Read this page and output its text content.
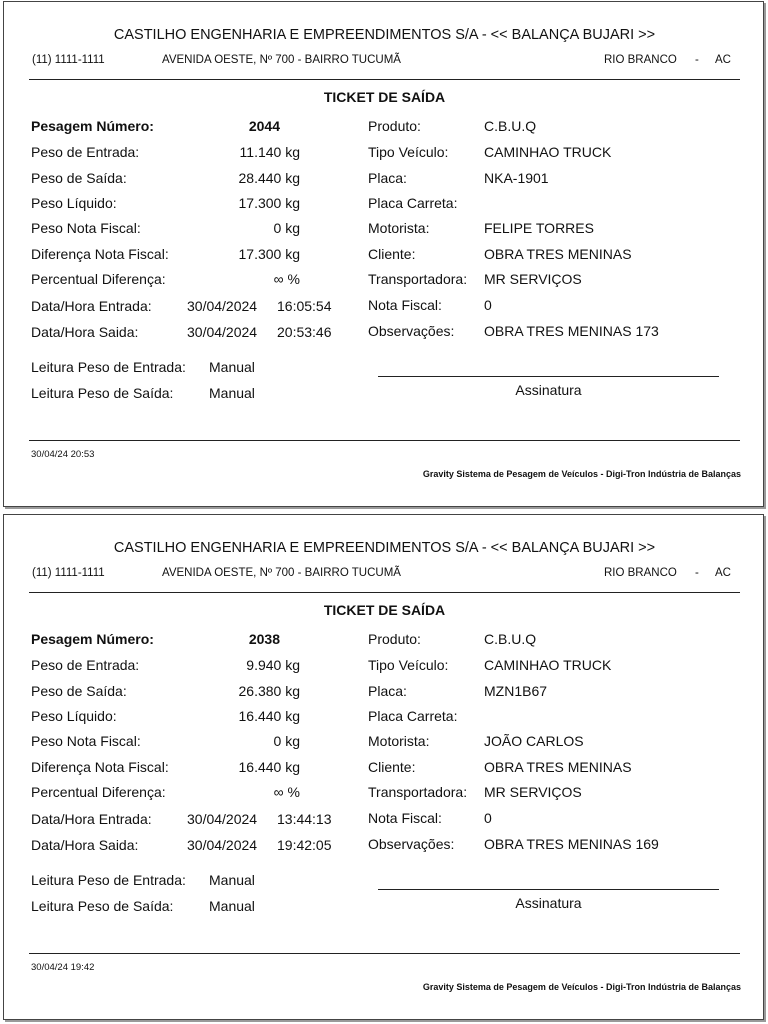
CASTILHO ENGENHARIA E EMPREENDIMENTOS S/A - << BALANÇA BUJARI >>
(11) 1111-1111	AVENIDA OESTE, Nº 700 - BAIRRO TUCUMÃ	RIO BRANCO - AC
TICKET DE SAÍDA
Pesagem Número:	2044
Peso de Entrada:	11.140 kg
Peso de Saída:	28.440 kg
Peso Líquido:	17.300 kg
Peso Nota Fiscal:	0 kg
Diferença Nota Fiscal:	17.300 kg
Percentual Diferença:	∞ %
Data/Hora Entrada:	30/04/2024 16:05:54
Data/Hora Saida:	30/04/2024 20:53:46
Leitura Peso de Entrada: Manual
Leitura Peso de Saída:	Manual
Produto:	C.B.U.Q
Tipo Veículo:	CAMINHAO TRUCK
Placa:	NKA-1901
Placa Carreta:
Motorista:	FELIPE TORRES
Cliente:	OBRA TRES MENINAS
Transportadora: MR SERVIÇOS
Nota Fiscal:	0
Observações: OBRA TRES MENINAS 173
Assinatura
30/04/24 20:53
Gravity Sistema de Pesagem de Veículos - Digi-Tron Indústria de Balanças
CASTILHO ENGENHARIA E EMPREENDIMENTOS S/A - << BALANÇA BUJARI >>
(11) 1111-1111	AVENIDA OESTE, Nº 700 - BAIRRO TUCUMÃ	RIO BRANCO - AC
TICKET DE SAÍDA
Pesagem Número:	2038
Peso de Entrada:	9.940 kg
Peso de Saída:	26.380 kg
Peso Líquido:	16.440 kg
Peso Nota Fiscal:	0 kg
Diferença Nota Fiscal:	16.440 kg
Percentual Diferença:	∞ %
Data/Hora Entrada:	30/04/2024 13:44:13
Data/Hora Saida:	30/04/2024 19:42:05
Leitura Peso de Entrada: Manual
Leitura Peso de Saída:	Manual
Produto:	C.B.U.Q
Tipo Veículo:	CAMINHAO TRUCK
Placa:	MZN1B67
Placa Carreta:
Motorista:	JOÃO CARLOS
Cliente:	OBRA TRES MENINAS
Transportadora: MR SERVIÇOS
Nota Fiscal:	0
Observações: OBRA TRES MENINAS 169
Assinatura
30/04/24 19:42
Gravity Sistema de Pesagem de Veículos - Digi-Tron Indústria de Balanças
